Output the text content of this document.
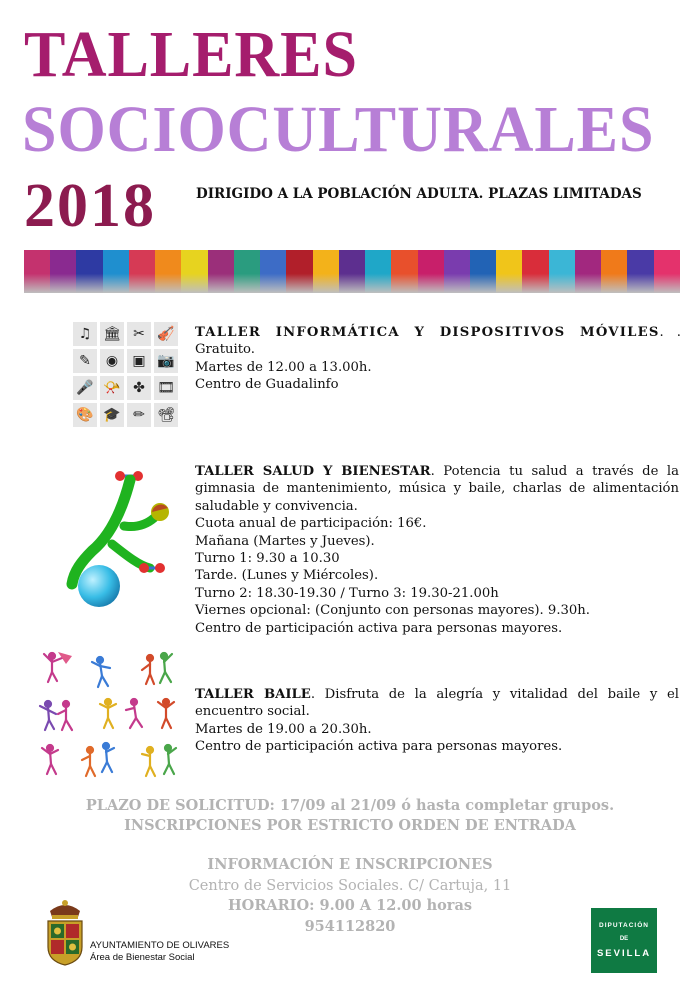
TALLERES
SOCIOCULTURALES
2018	DIRIGIDO A LA POBLACIÓN ADULTA. PLAZAS LIMITADAS
♫ 🏛 ✂ 🎻
✎	◉	▣ 📷
🎤 📯 ✤ 🎞
🎨 🎓 ✏ 📽

TALLER INFORMÁTICA Y DISPOSITIVOS MÓVILES. .

Gratuito.

Martes de 12.00 a 13.00h.

Centro de Guadalinfo

TALLER SALUD Y BIENESTAR. Potencia tu salud a través de la gimnasia de mantenimiento, música y baile, charlas de alimentación saludable y convivencia.

Cuota anual de participación: 16€.

Mañana (Martes y Jueves).

Turno 1: 9.30 a 10.30

Tarde. (Lunes y Miércoles).

Turno 2: 18.30-19.30 / Turno 3: 19.30-21.00h

Viernes opcional: (Conjunto con personas mayores). 9.30h.

Centro de participación activa para personas mayores.

TALLER BAILE. Disfruta de la alegría y vitalidad del baile y el encuentro social.

Martes de 19.00 a 20.30h.

Centro de participación activa para personas mayores.

PLAZO DE SOLICITUD: 17/09 al 21/09 ó hasta completar grupos.
INSCRIPCIONES POR ESTRICTO ORDEN DE ENTRADA
INFORMACIÓN E INSCRIPCIONES
Centro de Servicios Sociales. C/ Cartuja, 11
HORARIO: 9.00 A 12.00 horas
954112820
AYUNTAMIENTO DE OLIVARES
Área de Bienestar Social
DIPUTACIÓN
DE
SEVILLA
